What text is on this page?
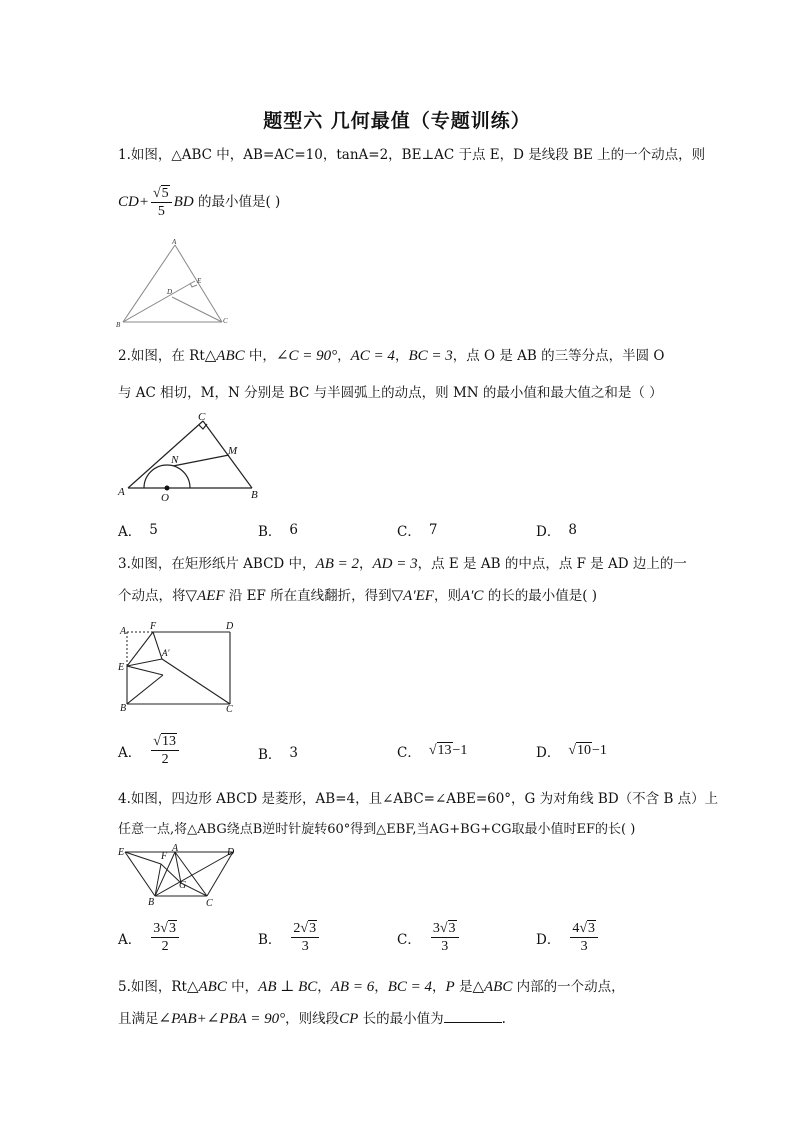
题型六 几何最值（专题训练）
1.如图，△ABC 中，AB=AC=10，tanA=2，BE⊥AC 于点 E，D 是线段 BE 上的一个动点，则
$CD+ \frac{√5}{5}$ BD 的最小值是( )
A
B	C
D
E
2.如图，在 Rt△ABC 中，∠C = 90°，AC = 4，BC = 3，点 O 是 AB 的三等分点，半圆 O
与 AC 相切，M，N 分别是 BC 与半圆弧上的动点，则 MN 的最小值和最大值之和是（ ）
A	B
C
M
N
O
A． 5	B． 6	C． 7	D． 8
3.如图，在矩形纸片 ABCD 中，AB = 2，AD = 3，点 E 是 AB 的中点，点 F 是 AD 边上的一
个动点，将▽AEF 沿 EF 所在直线翻折，得到▽A′EF，则A′C 的长的最小值是( )
A F	D
E
A′
B	C
A． $\frac{√13}{2}$	B． 3	C． √13 −1	D． √10 −1
4.如图，四边形 ABCD 是菱形，AB=4，且∠ABC=∠ABE=60°，G 为对角线 BD（不含 B 点）上
任意一点,将△ABG绕点B逆时针旋转60°得到△EBF,当AG+BG+CG取最小值时EF的长( )
E	F
A	D
G
B	C
A． $\frac{3√3}{2}$	B． $\frac{2√3}{3}$	C． $\frac{3√3}{3}$	D． $\frac{4√3}{3}$
5.如图，Rt△ABC 中，AB ⊥ BC，AB = 6，BC = 4，P 是△ABC 内部的一个动点，
且满足∠PAB+∠PBA = 90°，则线段CP 长的最小值为	.
